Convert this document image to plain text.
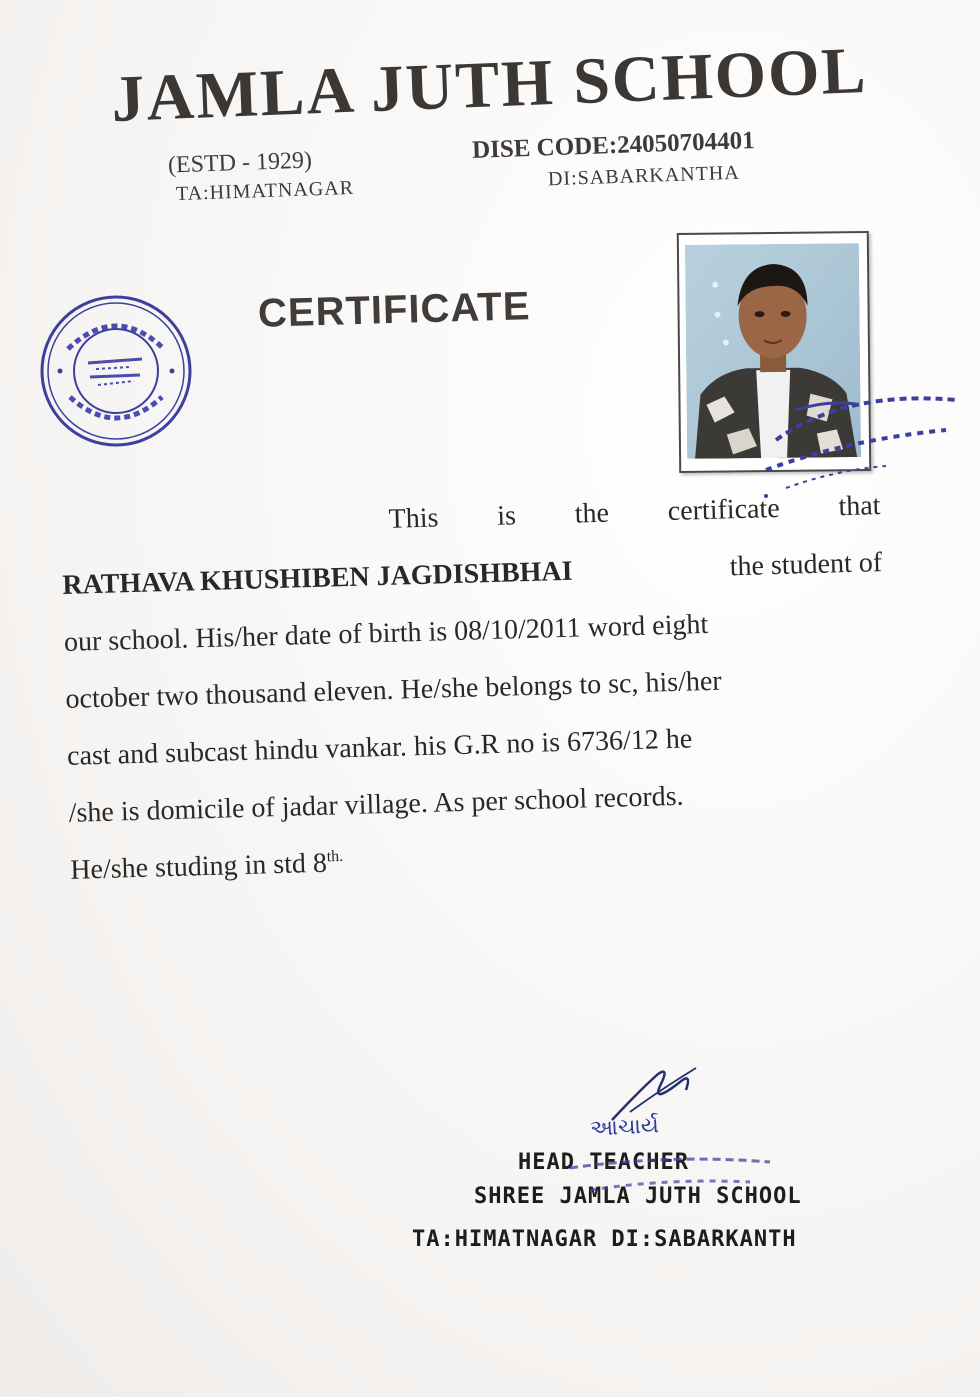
JAMLA JUTH SCHOOL
(ESTD - 1929)
TA:HIMATNAGAR
DISE CODE:24050704401
DI:SABARKANTHA
CERTIFICATE
This is the certificate that
RATHAVA KHUSHIBEN JAGDISHBHAI	the student of
our school. His/her date of birth is 08/10/2011 word eight
october two thousand eleven. He/she belongs to sc, his/her
cast and subcast hindu vankar. his G.R no is 6736/12 he
/she is domicile of jadar village. As per school records.
He/she studing in std $8^{th.}$
આચાર્ય
HEAD TEACHER
SHREE JAMLA JUTH SCHOOL
TA:HIMATNAGAR DI:SABARKANTH
